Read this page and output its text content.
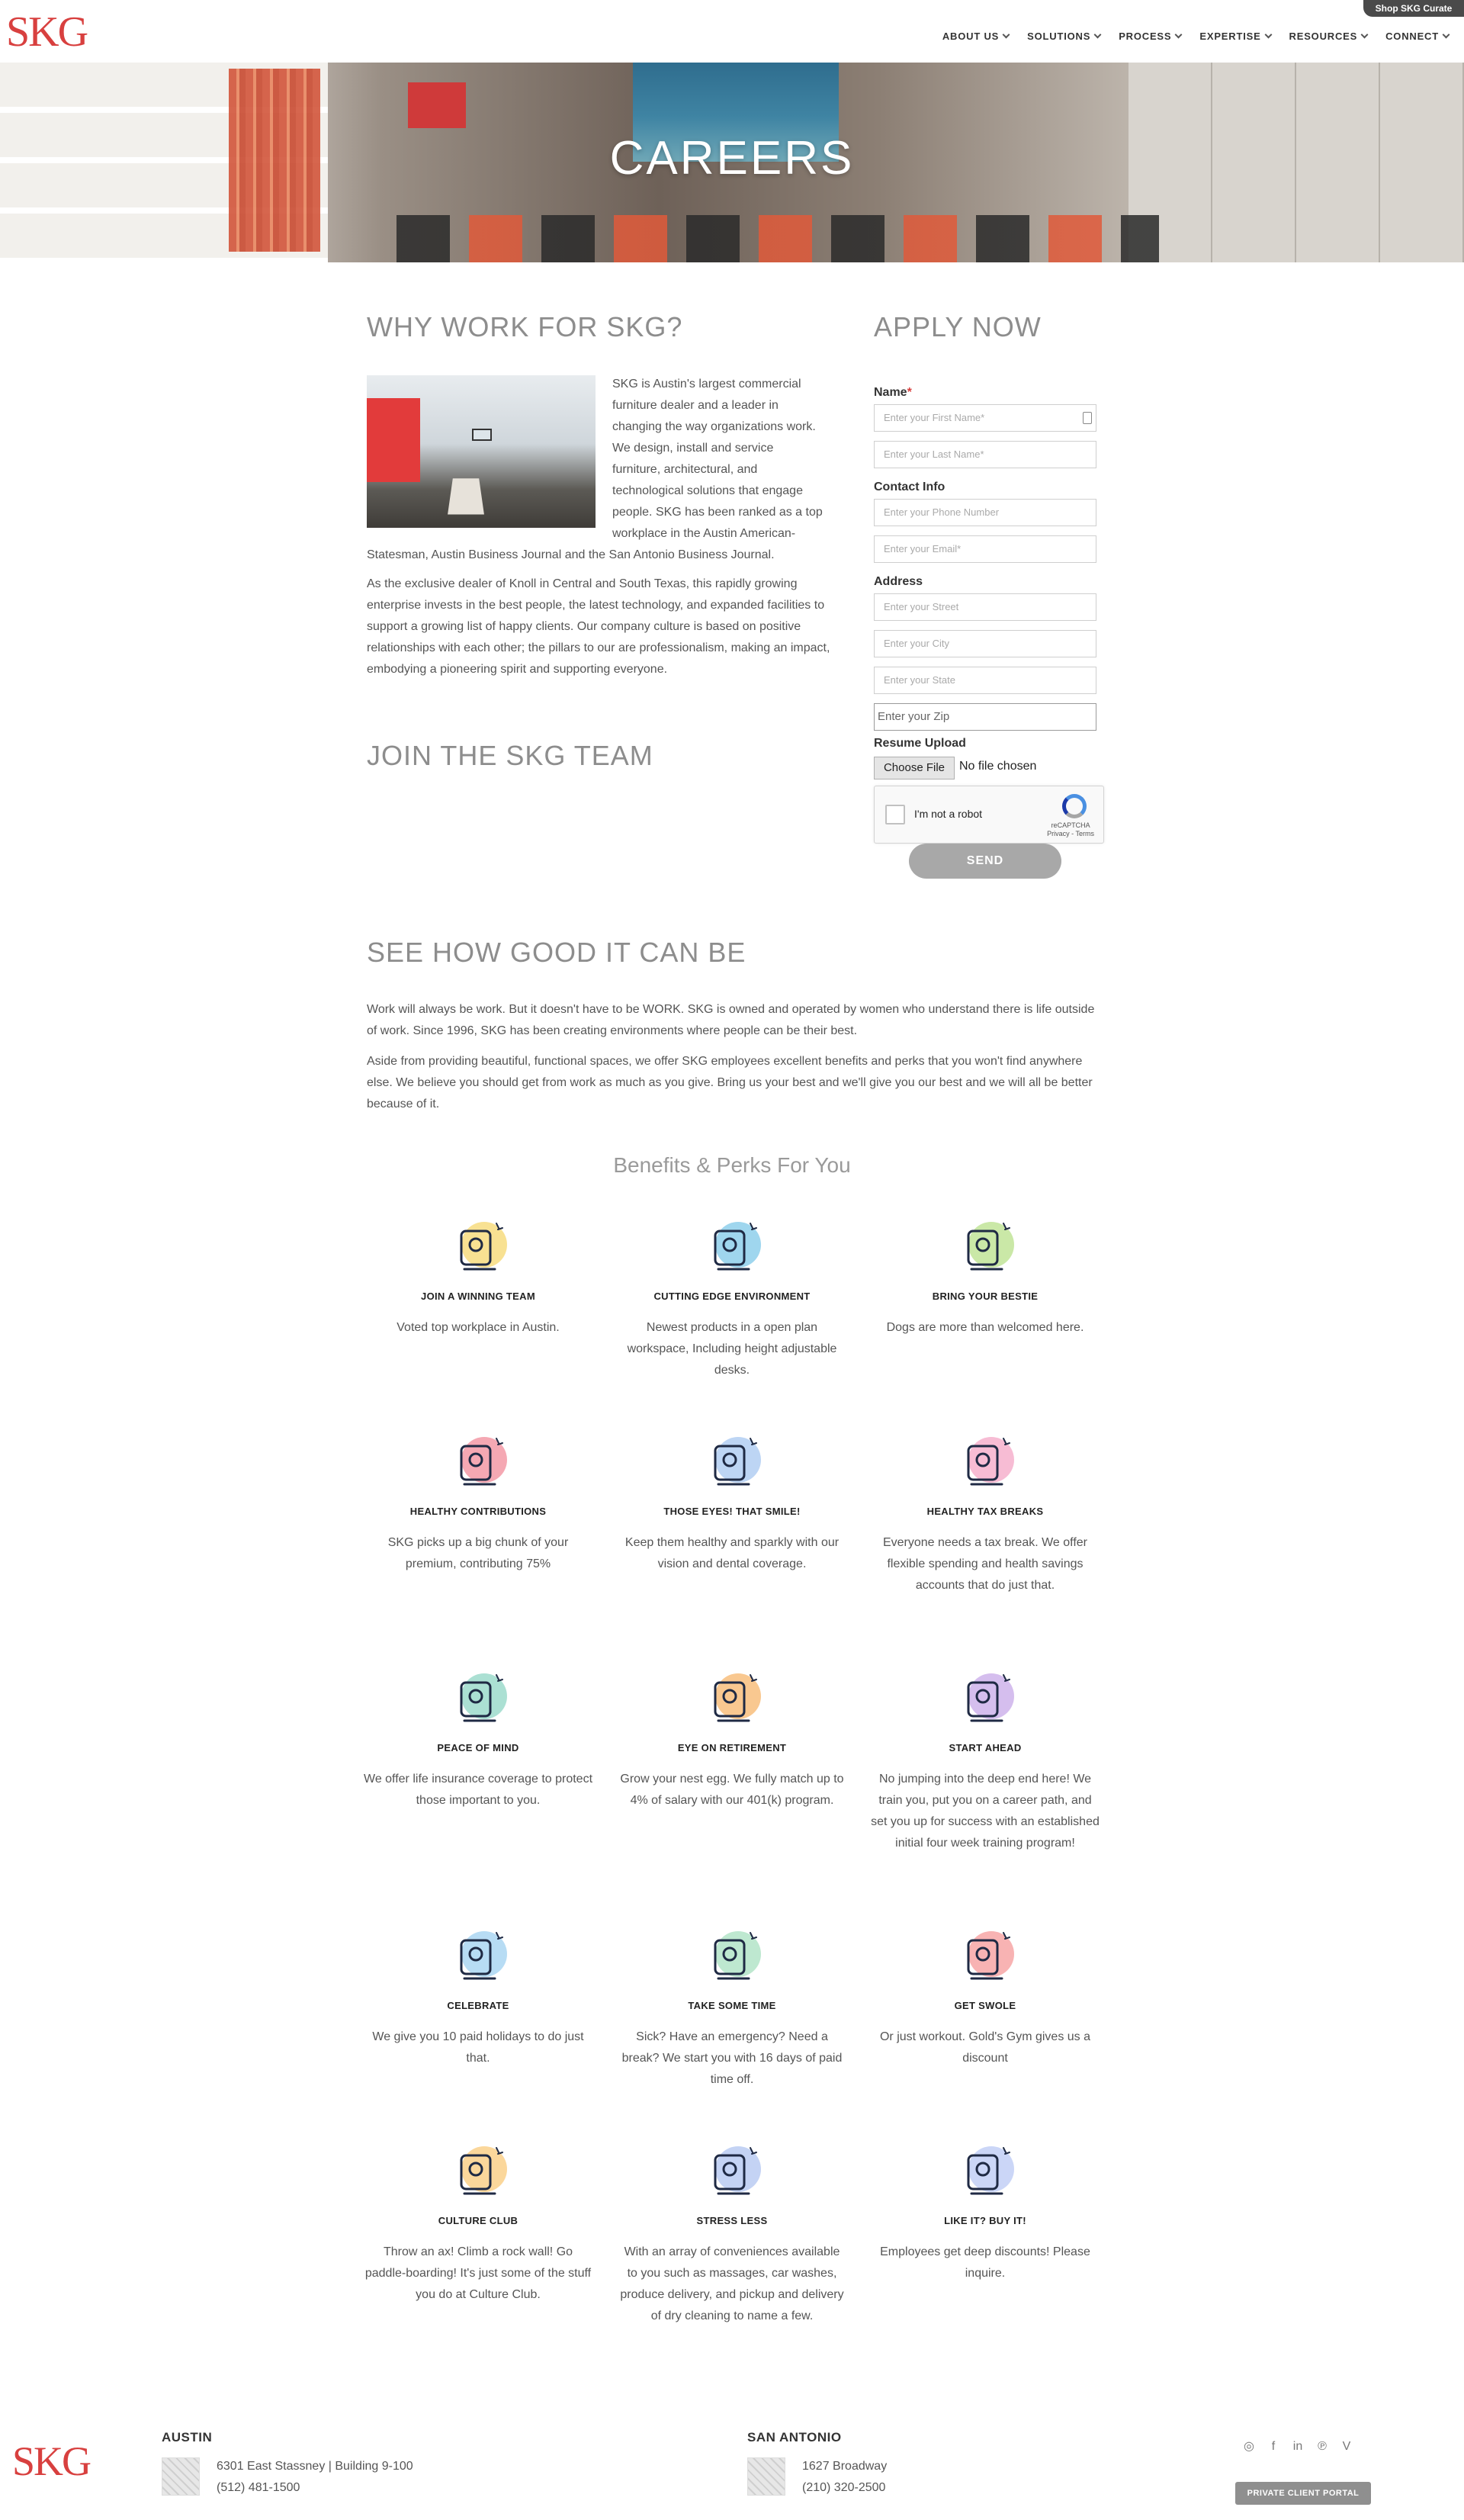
SKG	Shop SKG Curate
ABOUT US	SOLUTIONS	PROCESS	EXPERTISE	RESOURCES	CONNECT
CAREERS
WHY WORK FOR SKG?
SKG is Austin's largest commercial
furniture dealer and a leader in
changing the way organizations work.
We design, install and service
furniture, architectural, and
technological solutions that engage
people. SKG has been ranked as a top
workplace in the Austin American-
Statesman, Austin Business Journal and the San Antonio Business Journal.
As the exclusive dealer of Knoll in Central and South Texas, this rapidly growing enterprise invests in the best people, the latest technology, and expanded facilities to support a growing list of happy clients. Our company culture is based on positive relationships with each other; the pillars to our are professionalism, making an impact, embodying a pioneering spirit and supporting everyone.
JOIN THE SKG TEAM
APPLY NOW
Name*
Enter your First Name*
Enter your Last Name*
Contact Info
Enter your Phone Number
Enter your Email*
Address
Enter your Street
Enter your City
Enter your State
Enter your Zip
Resume Upload
Choose File	No file chosen
I'm not a robot
reCAPTCHA
Privacy - Terms
SEND
SEE HOW GOOD IT CAN BE
Work will always be work. But it doesn't have to be WORK. SKG is owned and operated by women who understand there is life outside of work. Since 1996, SKG has been creating environments where people can be their best.
Aside from providing beautiful, functional spaces, we offer SKG employees excellent benefits and perks that you won't find anywhere else. We believe you should get from work as much as you give. Bring us your best and we'll give you our best and we will all be better because of it.
Benefits & Perks For You
JOIN A WINNING TEAM
Voted top workplace in Austin.
CUTTING EDGE ENVIRONMENT
Newest products in a open plan workspace, Including height adjustable desks.
BRING YOUR BESTIE
Dogs are more than welcomed here.
HEALTHY CONTRIBUTIONS
SKG picks up a big chunk of your premium, contributing 75%
THOSE EYES! THAT SMILE!
Keep them healthy and sparkly with our vision and dental coverage.
HEALTHY TAX BREAKS
Everyone needs a tax break. We offer flexible spending and health savings accounts that do just that.
PEACE OF MIND
We offer life insurance coverage to protect those important to you.
EYE ON RETIREMENT
Grow your nest egg. We fully match up to 4% of salary with our 401(k) program.
START AHEAD
No jumping into the deep end here! We train you, put you on a career path, and set you up for success with an established initial four week training program!
CELEBRATE
We give you 10 paid holidays to do just that.
TAKE SOME TIME
Sick? Have an emergency? Need a break? We start you with 16 days of paid time off.
GET SWOLE
Or just workout. Gold's Gym gives us a discount
CULTURE CLUB
Throw an ax! Climb a rock wall! Go paddle-boarding! It's just some of the stuff you do at Culture Club.
STRESS LESS
With an array of conveniences available to you such as massages, car washes, produce delivery, and pickup and delivery of dry cleaning to name a few.
LIKE IT? BUY IT!
Employees get deep discounts! Please inquire.
SKG
AUSTIN
6301 East Stassney | Building 9-100
(512) 481-1500
SAN ANTONIO
1627 Broadway
(210) 320-2500
◎	f	in ℗ V
PRIVATE CLIENT PORTAL
